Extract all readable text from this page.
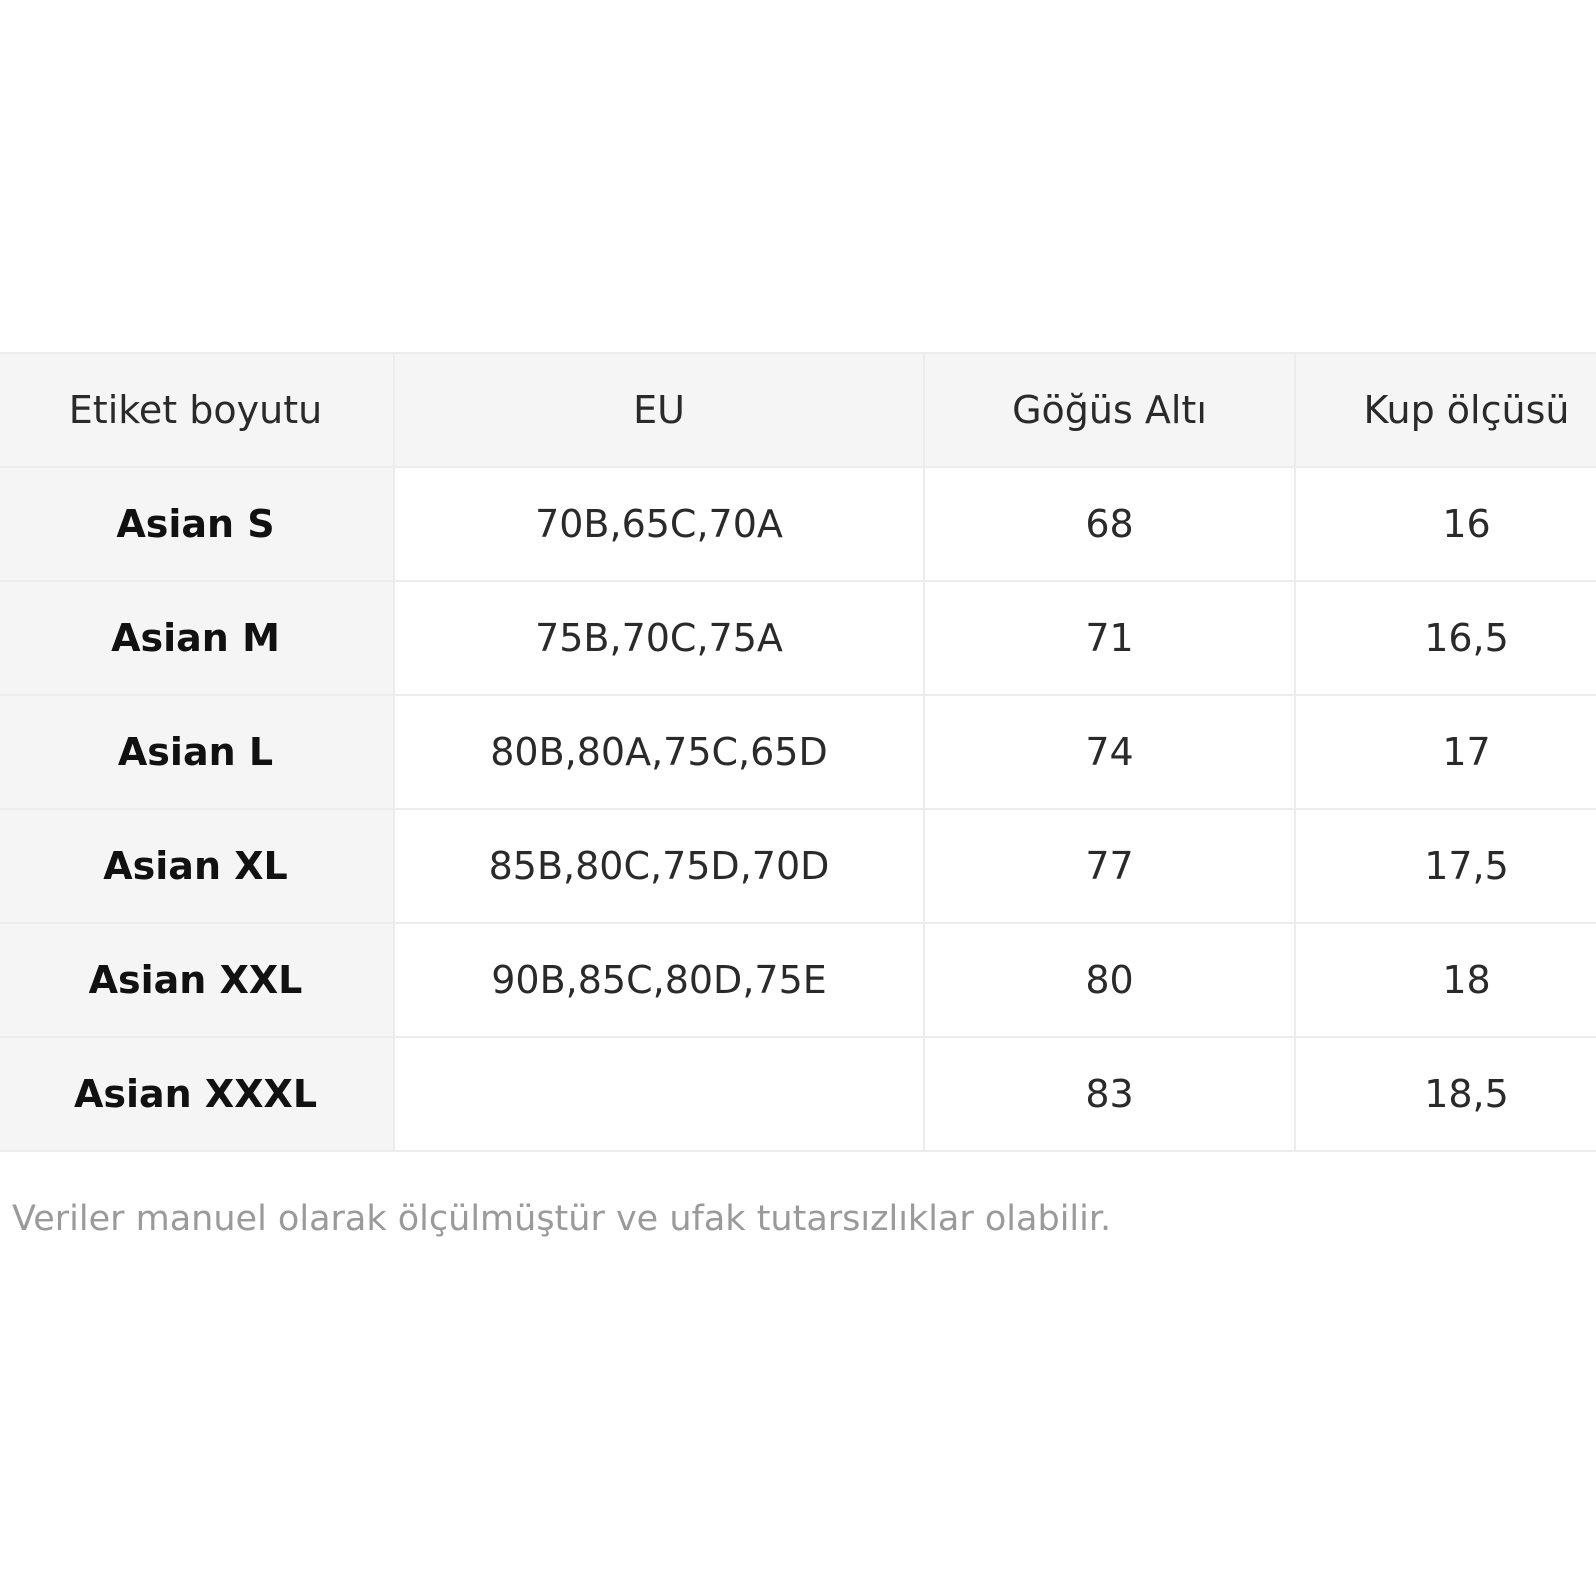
Etiket boyutu	EU	Göğüs Altı	Kup ölçüsü
Asian S	70B,65C,70A	68	16
Asian M	75B,70C,75A	71	16,5
Asian L	80B,80A,75C,65D	74	17
Asian XL	85B,80C,75D,70D	77	17,5
Asian XXL	90B,85C,80D,75E	80	18
Asian XXXL		83	18,5
Veriler manuel olarak ölçülmüştür ve ufak tutarsızlıklar olabilir.
